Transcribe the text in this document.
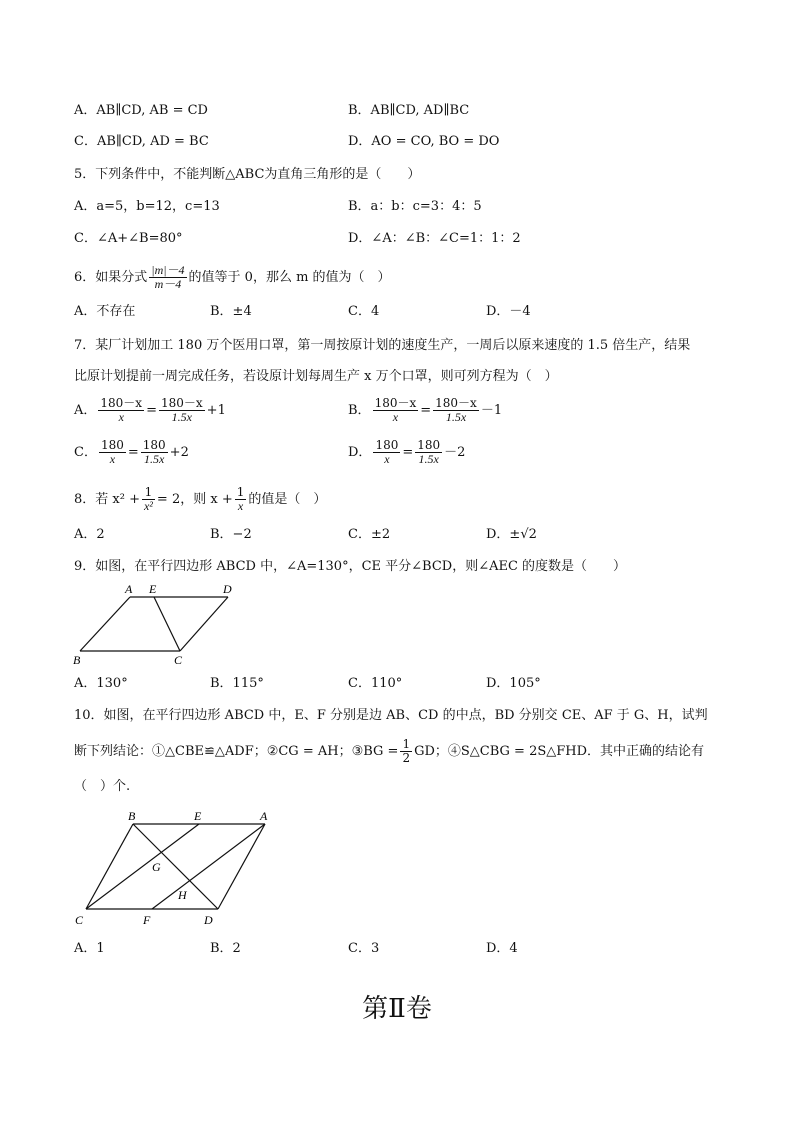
A．AB∥CD, AB = CD	B．AB∥CD, AD∥BC
C．AB∥CD, AD = BC	D．AO = CO, BO = DO
5．下列条件中，不能判断△ABC为直角三角形的是（　　）
A．a=5，b=12，c=13	B．a：b：c=3：4：5
C．∠A+∠B=80°	D．∠A：∠B：∠C=1：1：2
6．如果分式 $\frac{|m|-4}{m-4}$ 的值等于 0，那么 m 的值为（　）
A．不存在	B．±4	C．4	D．－4
7．某厂计划加工 180 万个医用口罩，第一周按原计划的速度生产，一周后以原来速度的 1.5 倍生产，结果
比原计划提前一周完成任务，若设原计划每周生产 x 万个口罩，则可列方程为（　）
A． $\frac{180-x}{x} = \frac{180-x}{1.5x} +1$	B． $\frac{180-x}{x} = \frac{180-x}{1.5x} -1$
C． $\frac{180}{x} = \frac{180}{1.5x} +2$	D． $\frac{180}{x} = \frac{180}{1.5x} -2$
8．若 $x^2 + \frac{1}{\text{x²}} = 2$，则 $x + \frac{1}{x}$ 的值是（　）
A．2	B．−2	C．±2	D．±√2
9．如图，在平行四边形 ABCD 中，∠A=130°，CE 平分∠BCD，则∠AEC 的度数是（　　）
A E	D
B	C
A．130°	B．115°	C．110°	D．105°
10．如图，在平行四边形 ABCD 中，E、F 分别是边 AB、CD 的中点，BD 分别交 CE、AF 于 G、H，试判
断下列结论：①△CBE≌△ADF；②CG = AH；③BG = $\frac{1}{2}$ GD；④S△CBG = 2S△FHD．其中正确的结论有
（　）个.
B	E	A
G
H
C	F	D
A．1	B．2	C．3	D．4
第Ⅱ卷
